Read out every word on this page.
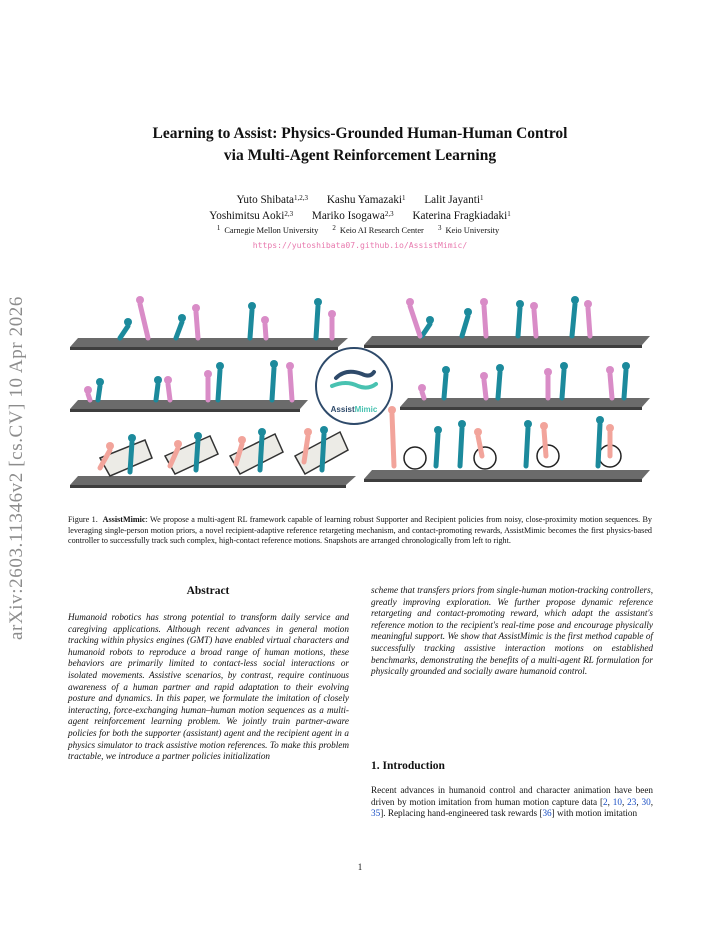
arXiv:2603.11346v2 [cs.CV] 10 Apr 2026
Learning to Assist: Physics-Grounded Human-Human Control
via Multi-Agent Reinforcement Learning
Yuto Shibata$^{1,2,3}$ Kashu Yamazaki$^1$ Lalit Jayanti$^1$
Yoshimitsu Aoki$^{2,3}$ Mariko Isogawa$^{2,3}$ Katerina Fragkiadaki$^1$
$^1$ Carnegie Mellon University $^2$ Keio AI Research Center $^3$ Keio University
https://yutoshibata07.github.io/AssistMimic/
AssistMimic
Figure 1. AssistMimic: We propose a multi-agent RL framework capable of learning robust Supporter and Recipient policies from noisy, close-proximity motion sequences. By leveraging single-person motion priors, a novel recipient-adaptive reference retargeting mechanism, and contact-promoting rewards, AssistMimic becomes the first physics-based controller to successfully track such complex, high-contact reference motions. Snapshots are arranged chronologically from left to right.
Abstract
Humanoid robotics has strong potential to transform daily service and caregiving applications. Although recent advances in general motion tracking within physics engines (GMT) have enabled virtual characters and humanoid robots to reproduce a broad range of human motions, these behaviors are primarily limited to contact-less social interactions or isolated movements. Assistive scenarios, by contrast, require continuous awareness of a human partner and rapid adaptation to their evolving posture and dynamics. In this paper, we formulate the imitation of closely interacting, force-exchanging human–human motion sequences as a multi-agent reinforcement learning problem. We jointly train partner-aware policies for both the supporter (assistant) agent and the recipient agent in a physics simulator to track assistive motion references. To make this problem tractable, we introduce a partner policies initialization
scheme that transfers priors from single-human motion-tracking controllers, greatly improving exploration. We further propose dynamic reference retargeting and contact-promoting reward, which adapt the assistant's reference motion to the recipient's real-time pose and encourage physically meaningful support. We show that AssistMimic is the first method capable of successfully tracking assistive interaction motions on established benchmarks, demonstrating the benefits of a multi-agent RL formulation for physically grounded and socially aware humanoid control.
1. Introduction
Recent advances in humanoid control and character animation have been driven by motion imitation from human motion capture data [2, 10, 23, 30, 35]. Replacing hand-engineered task rewards [36] with motion imitation
1
